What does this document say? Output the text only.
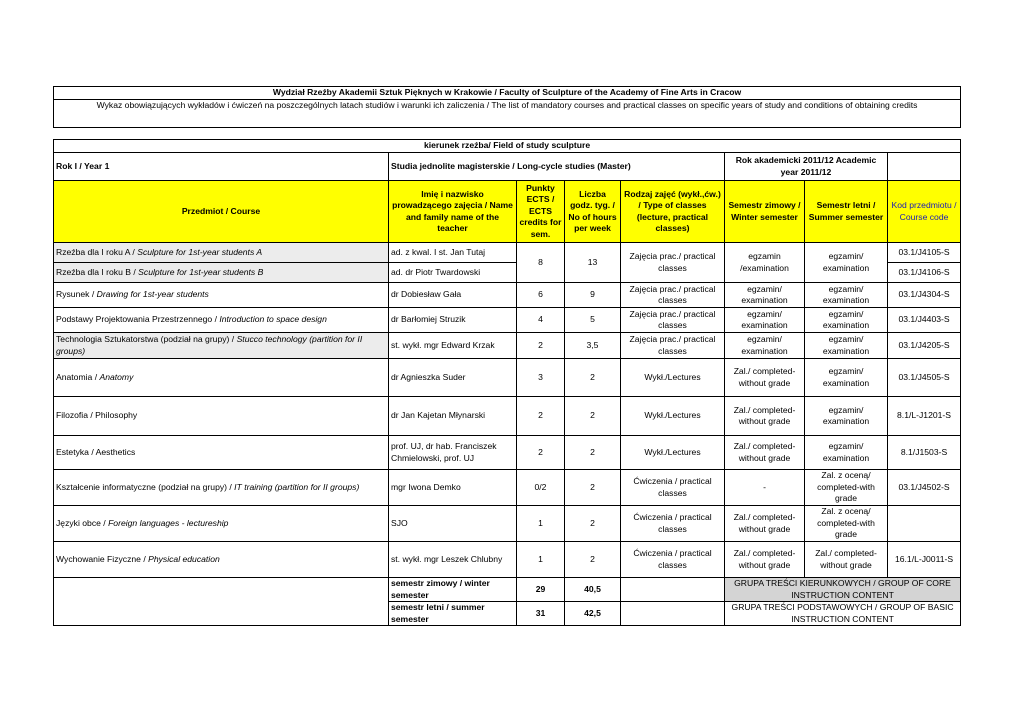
Wydział Rzeźby Akademii Sztuk Pięknych w Krakowie / Faculty of Sculpture of the Academy of Fine Arts in Cracow							
Wykaz obowiązujących wykładów i ćwiczeń na poszczególnych latach studiów i warunki ich zaliczenia / The list of mandatory courses and practical classes on specific years of study and conditions of obtaining credits							

kierunek rzeźba/ Field of study sculpture							
Rok I / Year 1	Studia jednolite magisterskie / Long-cycle studies (Master)				Rok akademicki 2011/12 Academic year 2011/12		
Przedmiot / Course	Imię i nazwisko prowadzącego zajęcia / Name and family name of the teacher	Punkty ECTS / ECTS credits for sem.	Liczba godz. tyg. / No of hours per week	Rodzaj zajęć (wykł.,ćw.) / Type of classes (lecture, practical classes)	Semestr zimowy / Winter semester	Semestr letni / Summer semester	Kod przedmiotu / Course code
Rzeźba dla I roku A / Sculpture for 1st-year students A	ad. z kwal. I st. Jan Tutaj	8	13	Zajęcia prac./ practical classes	egzamin /examination	egzamin/ examination	03.1/J4105-S
Rzeźba dla I roku B / Sculpture for 1st-year students B	ad. dr Piotr Twardowski						03.1/J4106-S
Rysunek / Drawing for 1st-year students	dr Dobiesław Gała	6	9	Zajęcia prac./ practical classes	egzamin/ examination	egzamin/ examination	03.1/J4304-S
Podstawy Projektowania Przestrzennego / Introduction to space design	dr Barłomiej Struzik	4	5	Zajęcia prac./ practical classes	egzamin/ examination	egzamin/ examination	03.1/J4403-S
Technologia Sztukatorstwa (podział na grupy) / Stucco technology (partition for II groups)	st. wykł. mgr Edward Krzak	2	3,5	Zajęcia prac./ practical classes	egzamin/ examination	egzamin/ examination	03.1/J4205-S
Anatomia / Anatomy	dr Agnieszka Suder	3	2	Wykł./Lectures	Zal./ completed-without grade	egzamin/ examination	03.1/J4505-S
Filozofia / Philosophy	dr Jan Kajetan Młynarski	2	2	Wykł./Lectures	Zal./ completed-without grade	egzamin/ examination	8.1/L-J1201-S
Estetyka / Aesthetics	prof. UJ, dr hab. Franciszek Chmielowski, prof. UJ	2	2	Wykł./Lectures	Zal./ completed-without grade	egzamin/ examination	8.1/J1503-S
Kształcenie informatyczne (podział na grupy) / IT training (partition for II groups)	mgr Iwona Demko	0/2	2	Ćwiczenia / practical classes	-	Zal. z oceną/ completed-with grade	03.1/J4502-S
Języki obce / Foreign languages - lectureship	SJO	1	2	Ćwiczenia / practical classes	Zal./ completed-without grade	Zal. z oceną/ completed-with grade	
Wychowanie Fizyczne / Physical education	st. wykł. mgr Leszek Chlubny	1	2	Ćwiczenia / practical classes	Zal./ completed-without grade	Zal./ completed-without grade	16.1/L-J0011-S
	semestr zimowy / winter semester	29	40,5		GRUPA TREŚCI KIERUNKOWYCH / GROUP OF CORE INSTRUCTION CONTENT		
	semestr letni / summer semester	31	42,5		GRUPA TREŚCI PODSTAWOWYCH / GROUP OF BASIC INSTRUCTION CONTENT		
